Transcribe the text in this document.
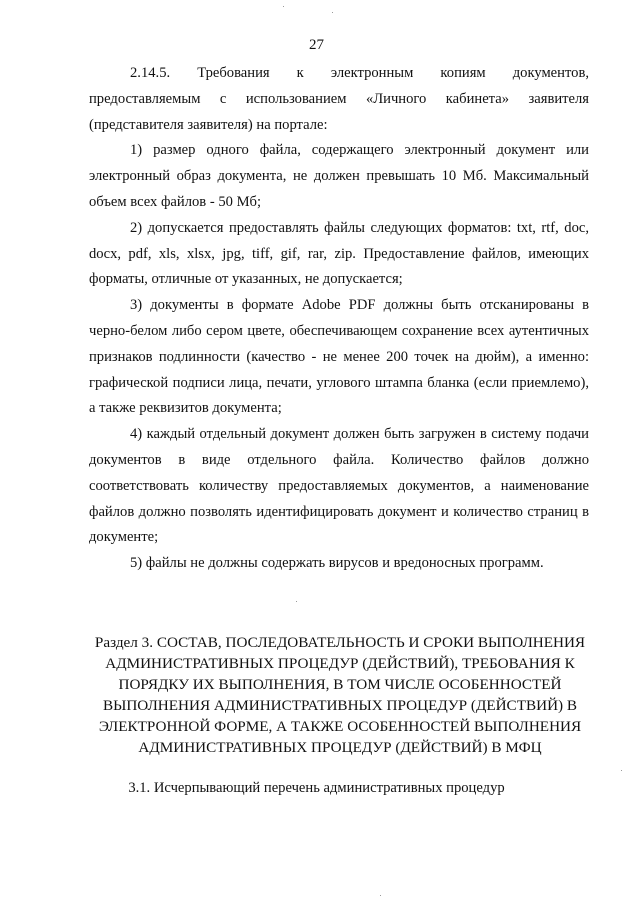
27

2.14.5.      Требования      к      электронным      копиям      документов, предоставляемым с использованием «Личного кабинета» заявителя (представителя заявителя) на портале:

1) размер одного файла, содержащего электронный документ или электронный образ документа, не должен превышать 10 Мб. Максимальный объем всех файлов - 50 Мб;

2) допускается предоставлять файлы следующих форматов: txt, rtf, doc, docx, pdf, xls, xlsx, jpg, tiff, gif, rar, zip. Предоставление файлов, имеющих форматы, отличные от указанных, не допускается;

3) документы в формате Adobe PDF должны быть отсканированы в черно-белом либо сером цвете, обеспечивающем сохранение всех аутентичных признаков подлинности (качество - не менее 200 точек на дюйм), а именно: графической подписи лица, печати, углового штампа бланка (если приемлемо), а также реквизитов документа;

4) каждый отдельный документ должен быть загружен в систему подачи документов в виде отдельного файла. Количество файлов должно соответствовать количеству предоставляемых документов, а наименование файлов должно позволять идентифицировать документ и количество страниц в документе;

5) файлы не должны содержать вирусов и вредоносных программ.

Раздел 3. СОСТАВ, ПОСЛЕДОВАТЕЛЬНОСТЬ И СРОКИ ВЫПОЛНЕНИЯ АДМИНИСТРАТИВНЫХ ПРОЦЕДУР (ДЕЙСТВИЙ), ТРЕБОВАНИЯ К ПОРЯДКУ ИХ ВЫПОЛНЕНИЯ, В ТОМ ЧИСЛЕ ОСОБЕННОСТЕЙ ВЫПОЛНЕНИЯ АДМИНИСТРАТИВНЫХ ПРОЦЕДУР (ДЕЙСТВИЙ) В ЭЛЕКТРОННОЙ ФОРМЕ, А ТАКЖЕ ОСОБЕННОСТЕЙ ВЫПОЛНЕНИЯ АДМИНИСТРАТИВНЫХ ПРОЦЕДУР (ДЕЙСТВИЙ) В МФЦ
3.1. Исчерпывающий перечень административных процедур
